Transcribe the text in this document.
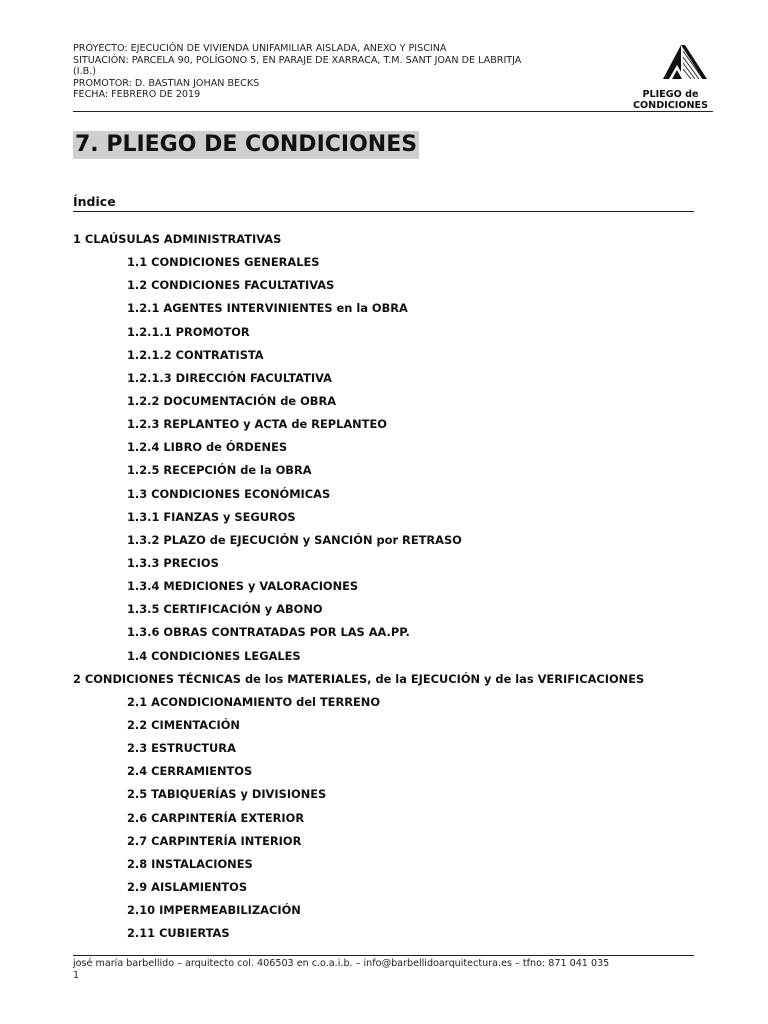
PROYECTO: EJECUCIÓN DE VIVIENDA UNIFAMILIAR AISLADA, ANEXO Y PISCINA
SITUACIÓN: PARCELA 90, POLÍGONO 5, EN PARAJE DE XARRACA, T.M. SANT JOAN DE LABRITJA
(I.B.)
PROMOTOR: D. BASTIAN JOHAN BECKS
FECHA: FEBRERO DE 2019	PLIEGO de
CONDICIONES
7. PLIEGO DE CONDICIONES
Índice
1 CLAÚSULAS ADMINISTRATIVAS
1.1 CONDICIONES GENERALES
1.2 CONDICIONES FACULTATIVAS
1.2.1 AGENTES INTERVINIENTES en la OBRA
1.2.1.1 PROMOTOR
1.2.1.2 CONTRATISTA
1.2.1.3 DIRECCIÓN FACULTATIVA
1.2.2 DOCUMENTACIÓN de OBRA
1.2.3 REPLANTEO y ACTA de REPLANTEO
1.2.4 LIBRO de ÓRDENES
1.2.5 RECEPCIÓN de la OBRA
1.3 CONDICIONES ECONÓMICAS
1.3.1 FIANZAS y SEGUROS
1.3.2 PLAZO de EJECUCIÓN y SANCIÓN por RETRASO
1.3.3 PRECIOS
1.3.4 MEDICIONES y VALORACIONES
1.3.5 CERTIFICACIÓN y ABONO
1.3.6 OBRAS CONTRATADAS POR LAS AA.PP.
1.4 CONDICIONES LEGALES
2 CONDICIONES TÉCNICAS de los MATERIALES, de la EJECUCIÓN y de las VERIFICACIONES
2.1 ACONDICIONAMIENTO del TERRENO
2.2 CIMENTACIÓN
2.3 ESTRUCTURA
2.4 CERRAMIENTOS
2.5 TABIQUERÍAS y DIVISIONES
2.6 CARPINTERÍA EXTERIOR
2.7 CARPINTERÍA INTERIOR
2.8 INSTALACIONES
2.9 AISLAMIENTOS
2.10 IMPERMEABILIZACIÓN
2.11 CUBIERTAS
josé maría barbellido – arquitecto col. 406503 en c.o.a.i.b. – info@barbellidoarquitectura.es – tfno: 871 041 035
1
